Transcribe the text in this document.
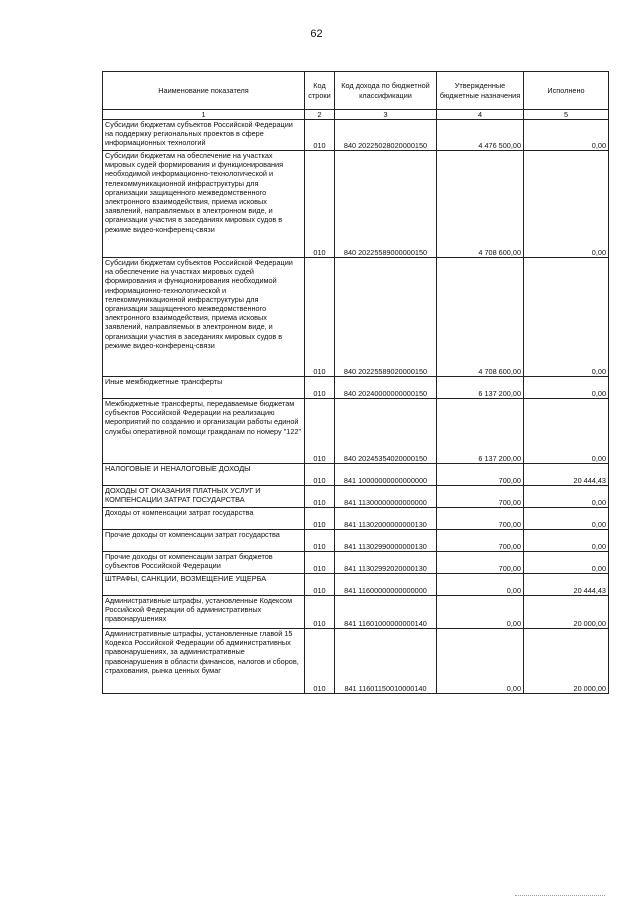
62
Наименование показателя	Код строки	Код дохода по бюджетной классификации	Утвержденные бюджетные назначения	Исполнено
1	2	3	4	5
Субсидии бюджетам субъектов Российской Федерации на поддержку региональных проектов в сфере информационных технологий	010	840 20225028020000150	4 476 500,00	0,00
Субсидии бюджетам на обеспечение на участках мировых судей формирования и функционирования необходимой информационно-технологической и телекоммуникационной инфраструктуры для организации защищенного межведомственного электронного взаимодействия, приема исковых заявлений, направляемых в электронном виде, и организации участия в заседаниях мировых судов в режиме видео-конференц-связи	010	840 20225589000000150	4 708 600,00	0,00
Субсидии бюджетам субъектов Российской Федерации на обеспечение на участках мировых судей формирования и функционирования необходимой информационно-технологической и телекоммуникационной инфраструктуры для организации защищенного межведомственного электронного взаимодействия, приема исковых заявлений, направляемых в электронном виде, и организации участия в заседаниях мировых судов в режиме видео-конференц-связи	010	840 20225589020000150	4 708 600,00	0,00
Иные межбюджетные трансферты	010	840 20240000000000150	6 137 200,00	0,00
Межбюджетные трансферты, передаваемые бюджетам субъектов Российской Федерации на реализацию мероприятий по созданию и организации работы единой службы оперативной помощи гражданам по номеру "122"	010	840 20245354020000150	6 137 200,00	0,00
НАЛОГОВЫЕ И НЕНАЛОГОВЫЕ ДОХОДЫ	010	841 10000000000000000	700,00	20 444,43
ДОХОДЫ ОТ ОКАЗАНИЯ ПЛАТНЫХ УСЛУГ И КОМПЕНСАЦИИ ЗАТРАТ ГОСУДАРСТВА	010	841 11300000000000000	700,00	0,00
Доходы от компенсации затрат государства	010	841 11302000000000130	700,00	0,00
Прочие доходы от компенсации затрат государства	010	841 11302990000000130	700,00	0,00
Прочие доходы от компенсации затрат бюджетов субъектов Российской Федерации	010	841 11302992020000130	700,00	0,00
ШТРАФЫ, САНКЦИИ, ВОЗМЕЩЕНИЕ УЩЕРБА	010	841 11600000000000000	0,00	20 444,43
Административные штрафы, установленные Кодексом Российской Федерации об административных правонарушениях	010	841 11601000000000140	0,00	20 000,00
Административные штрафы, установленные главой 15 Кодекса Российской Федерации об административных правонарушениях, за административные правонарушения в области финансов, налогов и сборов, страхования, рынка ценных бумаг	010	841 11601150010000140	0,00	20 000,00
